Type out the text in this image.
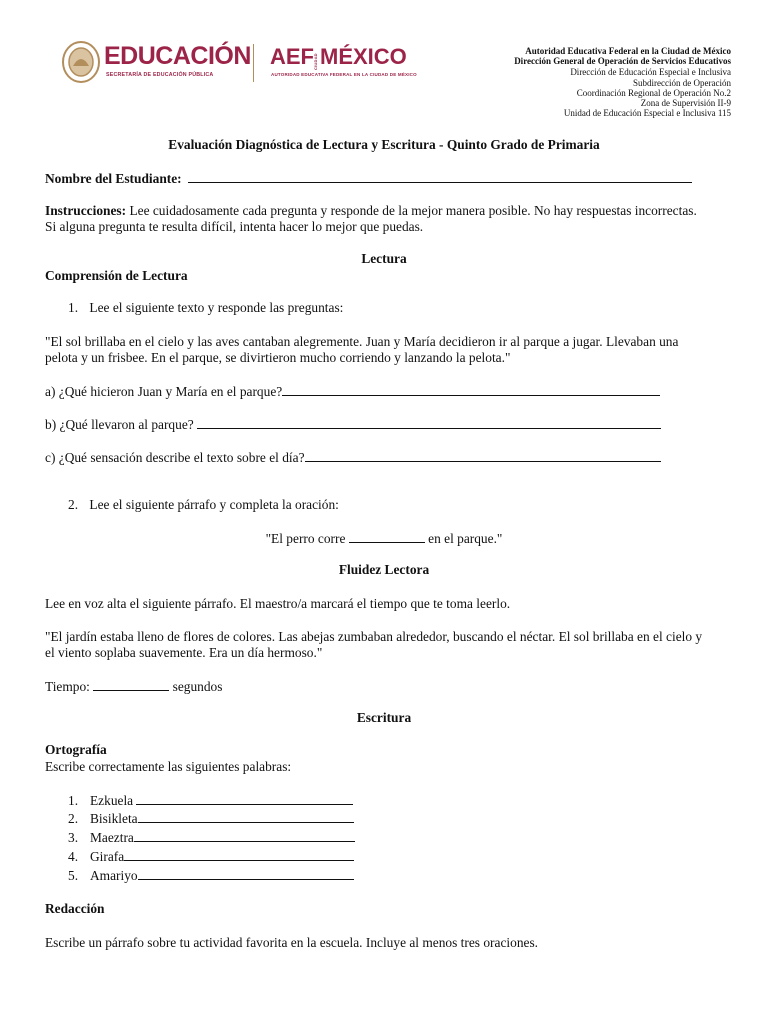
EDUCACIÓN
SECRETARÍA DE EDUCACIÓN PÚBLICA
AEF CIUDAD MÉXICO
AUTORIDAD EDUCATIVA FEDERAL EN LA CIUDAD DE MÉXICO
Autoridad Educativa Federal en la Ciudad de México
Dirección General de Operación de Servicios Educativos
Dirección de Educación Especial e Inclusiva
Subdirección de Operación
Coordinación Regional de Operación No.2
Zona de Supervisión II-9
Unidad de Educación Especial e Inclusiva 115
Evaluación Diagnóstica de Lectura y Escritura - Quinto Grado de Primaria
Nombre del Estudiante:
Instrucciones: Lee cuidadosamente cada pregunta y responde de la mejor manera posible. No hay respuestas incorrectas.
Si alguna pregunta te resulta difícil, intenta hacer lo mejor que puedas.
Lectura
Comprensión de Lectura
1. Lee el siguiente texto y responde las preguntas:
"El sol brillaba en el cielo y las aves cantaban alegremente. Juan y María decidieron ir al parque a jugar. Llevaban una
pelota y un frisbee. En el parque, se divirtieron mucho corriendo y lanzando la pelota."
a) ¿Qué hicieron Juan y María en el parque?
b) ¿Qué llevaron al parque?
c) ¿Qué sensación describe el texto sobre el día?
2. Lee el siguiente párrafo y completa la oración:
"El perro corre	en el parque."
Fluidez Lectora
Lee en voz alta el siguiente párrafo. El maestro/a marcará el tiempo que te toma leerlo.
"El jardín estaba lleno de flores de colores. Las abejas zumbaban alrededor, buscando el néctar. El sol brillaba en el cielo y
el viento soplaba suavemente. Era un día hermoso."
Tiempo:	segundos
Escritura
Ortografía
Escribe correctamente las siguientes palabras:
1. Ezkuela
2. Bisikleta
3. Maeztra
4. Girafa
5. Amariyo
Redacción
Escribe un párrafo sobre tu actividad favorita en la escuela. Incluye al menos tres oraciones.
